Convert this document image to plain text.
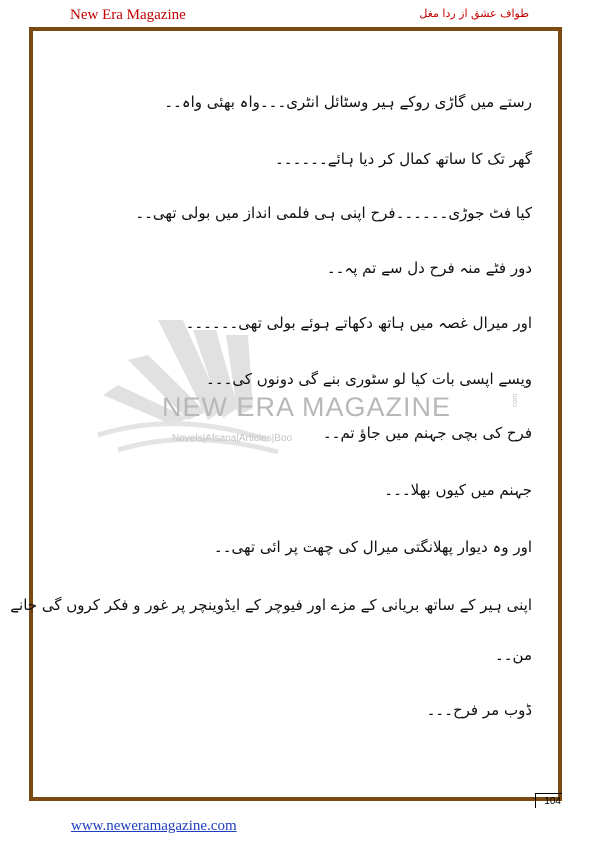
New Era Magazine	طواف عشق از ردا مغل
NEW ERA MAGAZINE
Novels|Afsana|Articles|Boo
.com
رستے میں گاڑی روکے ہیر وسٹائل انٹری۔۔۔واہ بھئی واہ۔۔
گھر تک کا ساتھ کمال کر دیا ہائے۔۔۔۔۔۔
کیا فٹ جوڑی۔۔۔۔۔۔فرح اپنی ہی فلمی انداز میں بولی تھی۔۔
دور فٹے منہ فرح دل سے تم پہ۔۔
اور میرال غصہ میں ہاتھ دکھاتے ہوئے بولی تھی۔۔۔۔۔۔
ویسے اپسی بات کیا لو سٹوری بنے گی دونوں کی۔۔۔
فرح کی بچی جہنم میں جاؤ تم۔۔
جہنم میں کیوں بھلا۔۔۔
اور وہ دیوار پھلانگتی میرال کی چھت پر ائی تھی۔۔
اپنی ہیر کے ساتھ بریانی کے مزے اور فیوچر کے ایڈوینچر پر غور و فکر کروں گی جانے
من۔۔
ڈوب مر فرح۔۔۔
104
www.neweramagazine.com
